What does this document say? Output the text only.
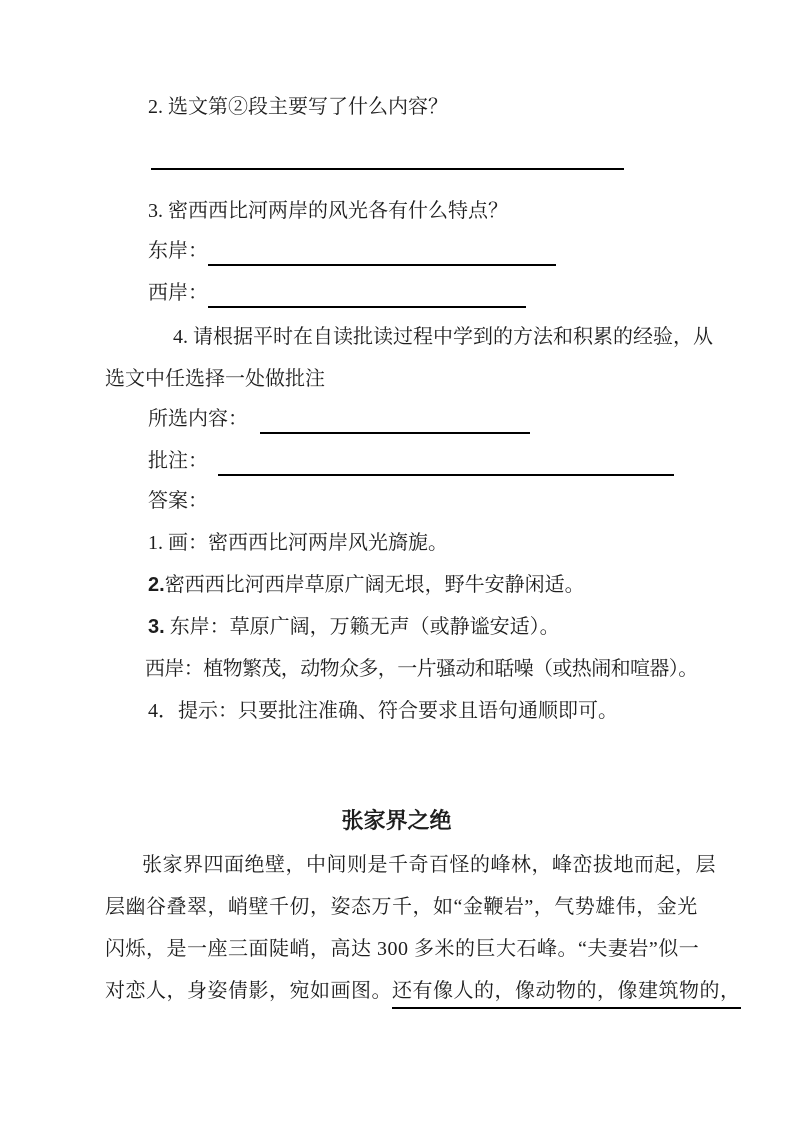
2. 选文第②段主要写了什么内容？
3. 密西西比河两岸的风光各有什么特点？
东岸：
西岸：
4. 请根据平时在自读批读过程中学到的方法和积累的经验，从
选文中任选择一处做批注
所选内容：
批注：
答案：
1. 画：密西西比河两岸风光旖旎。
2.密西西比河西岸草原广阔无垠，野牛安静闲适。
3. 东岸：草原广阔，万籁无声（或静谧安适）。
西岸：植物繁茂，动物众多，一片骚动和聒噪（或热闹和喧器）。
4．提示：只要批注准确、符合要求且语句通顺即可。
张家界之绝
张家界四面绝壁，中间则是千奇百怪的峰林，峰峦拔地而起，层
层幽谷叠翠，峭壁千仞，姿态万千，如“金鞭岩”，气势雄伟，金光
闪烁，是一座三面陡峭，高达 300 多米的巨大石峰。“夫妻岩”似一
对恋人，身姿倩影，宛如画图。还有像人的，像动物的，像建筑物的，
